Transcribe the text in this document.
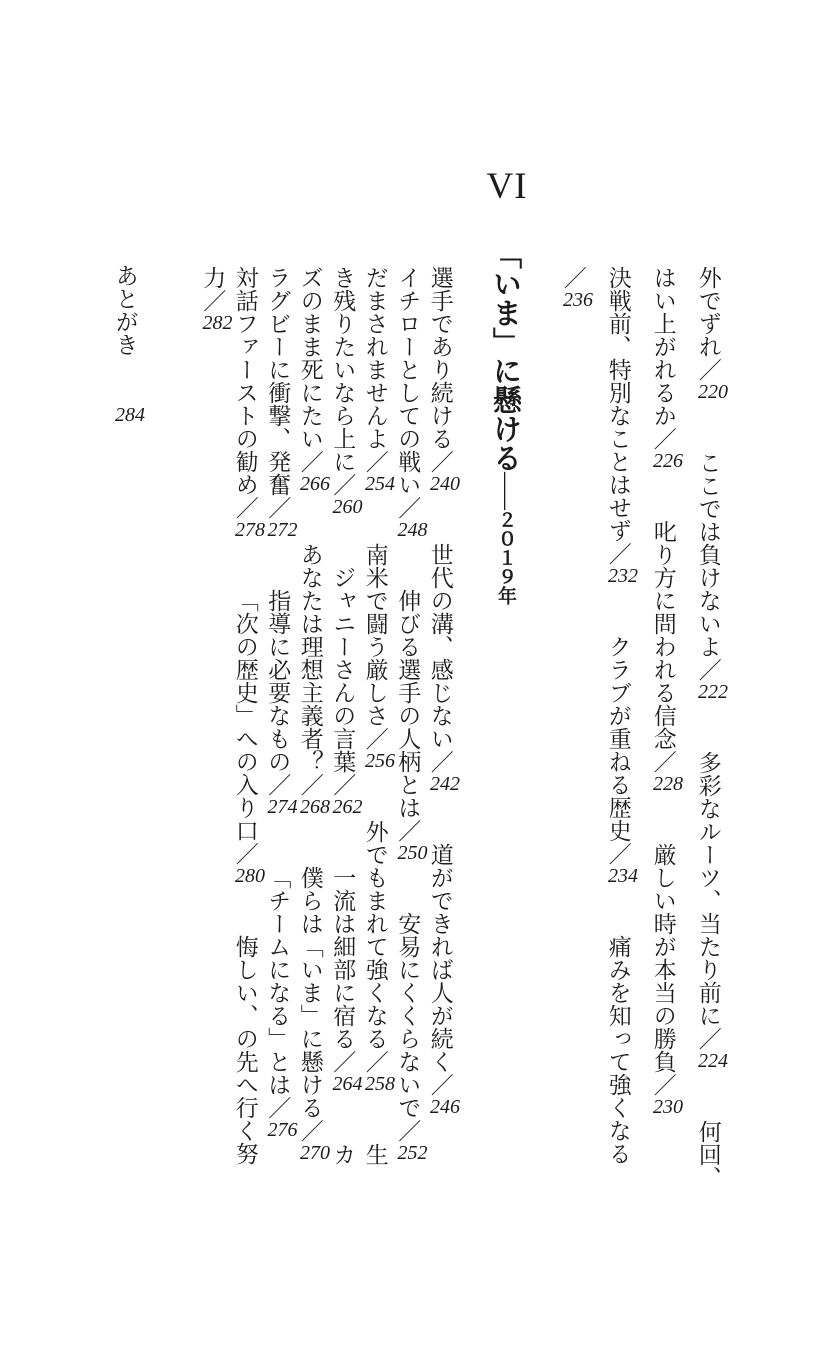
VI
「いま」に懸ける——２０１９年
外でずれ／220ここでは負けないよ／222多彩なルーツ、当たり前に／224何回、
はい上がれるか／226叱り方に問われる信念／228厳しい時が本当の勝負／230
決戦前、特別なことはせず／232クラブが重ねる歴史／234痛みを知って強くなる
／236
選手であり続ける／240世代の溝、感じない／242道ができれば人が続く／246
イチローとしての戦い／248伸びる選手の人柄とは／250安易にくくらないで／252
だまされませんよ／254南米で闘う厳しさ／256外でもまれて強くなる／258生
き残りたいなら上に／260ジャニーさんの言葉／262一流は細部に宿る／264カ
ズのまま死にたい／266あなたは理想主義者？／268僕らは「いま」に懸ける／270
ラグビーに衝撃、発奮／272指導に必要なもの／274「チームになる」とは／276
対話ファーストの勧め／278「次の歴史」への入り口／280悔しい、の先へ行く努
力／282
あとがき284
